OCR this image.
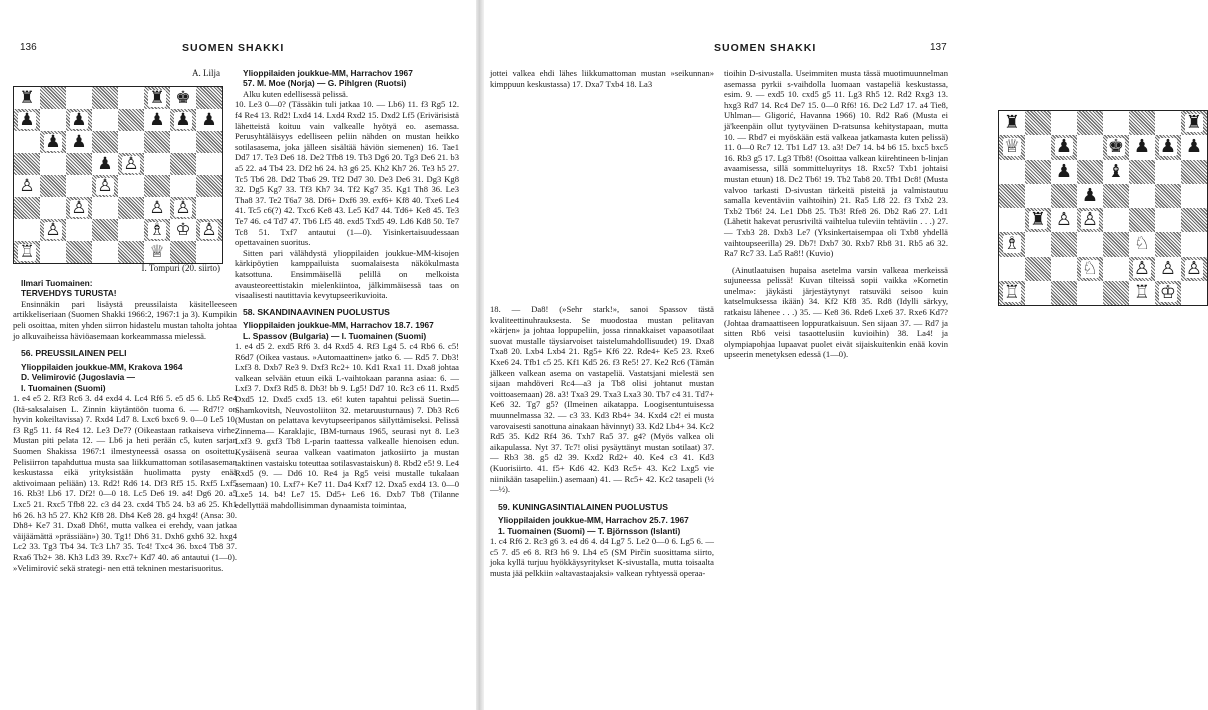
136	SUOMEN SHAKKI
A. Lilja
♜	♜ ♚
♟ ♟	♟ ♟ ♟
♟ ♟
♟ ♙
♙	♙
♙	♙ ♙
♙	♗ ♔ ♙
♖	♕
I. Tompuri (20. siirto)

Ilmari Tuomainen:

TERVEHDYS TURUSTA!

Ensinnäkin pari lisäystä preussilaista käsitelleeseen artikkeliseriaan (Suomen Shakki 1966:2, 1967:1 ja 3). Kumpikin peli osoittaa, miten yhden siirron hidastelu mustan taholta johtaa jo alkuvaiheissa häviöasemaan korkeammassa mielessä.

56. PREUSSILAINEN PELI

Ylioppilaiden joukkue-MM, Krakova 1964

D. Velimirović (Jugoslavia —

I. Tuomainen (Suomi)

1. e4 e5 2. Rf3 Rc6 3. d4 exd4 4. Lc4 Rf6 5. e5 d5 6. Lb5 Re4 (Itä-saksalaisen L. Zinnin käytäntöön tuoma 6. — Rd7!? on hyvin kokeiltavissa) 7. Rxd4 Ld7 8. Lxc6 bxc6 9. 0—0 Le5 10. f3 Rg5 11. f4 Re4 12. Le3 De7? (Oikeastaan ratkaiseva virhe. Mustan piti pelata 12. — Lb6 ja heti perään c5, kuten sarjan Suomen Shakissa 1967:1 ilmestyneessä osassa on osoitettu. Pelisiirron tapahduttua musta saa liikkumattoman sotilasaseman keskustassa eikä yrityksistään huolimatta pysty enää aktivoimaan peliään) 13. Rd2! Rd6 14. Df3 Rf5 15. Rxf5 Lxf5 16. Rb3! Lb6 17. Df2! 0—0 18. Lc5 De6 19. a4! Dg6 20. a5 Lxc5 21. Rxc5 Tfb8 22. c3 d4 23. cxd4 Tb5 24. b3 a6 25. Kh1 h6 26. h3 h5 27. Kh2 Kf8 28. Dh4 Ke8 28. g4 hxg4! (Ansa: 30. Dh8+ Ke7 31. Dxa8 Dh6!, mutta valkea ei erehdy, vaan jatkaa väijäämättä »prässiään») 30. Tg1! Dh6 31. Dxh6 gxh6 32. hxg4 Lc2 33. Tg3 Tb4 34. Tc3 Lh7 35. Tc4! Txc4 36. bxc4 Tb8 37. Rxa6 Tb2+ 38. Kh3 Ld3 39. Rxc7+ Kd7 40. a6 antautui (1—0). »Velimirović sekä strategi- nen että tekninen mestarisuoritus.

Ylioppilaiden joukkue-MM, Harrachov 1967

57. M. Moe (Norja) — G. Pihlgren (Ruotsi)

Alku kuten edellisessä pelissä.

10. Le3 0—0? (Tässäkin tuli jatkaa 10. — Lb6) 11. f3 Rg5 12. f4 Re4 13. Rd2! Lxd4 14. Lxd4 Rxd2 15. Dxd2 Lf5 (Erivärisistä lähetteistä koituu vain valkealle hyötyä eo. asemassa. Perusyhtäläisyys edelliseen peliin nähden on mustan heikko sotilasasema, joka jälleen sisältää häviön siemenen) 16. Tae1 Dd7 17. Te3 De6 18. De2 Tfb8 19. Tb3 Dg6 20. Tg3 De6 21. b3 a5 22. a4 Tb4 23. Df2 h6 24. h3 g6 25. Kh2 Kh7 26. Te3 h5 27. Tc5 Tb6 28. Dd2 Tba6 29. Tf2 Dd7 30. De3 De6 31. Dg3 Kg8 32. Dg5 Kg7 33. Tf3 Kh7 34. Tf2 Kg7 35. Kg1 Th8 36. Le3 Tha8 37. Te2 T6a7 38. Df6+ Dxf6 39. exf6+ Kf8 40. Txe6 Le4 41. Tc5 c6(?) 42. Txc6 Ke8 43. Le5 Kd7 44. Td6+ Ke8 45. Te3 Te7 46. c4 Td7 47. Tb6 Lf5 48. exd5 Txd5 49. Ld6 Kd8 50. Te7 Tc8 51. Txf7 antautui (1—0). Yisinkertaisuudessaan opettavainen suoritus.

Sitten pari välähdystä ylioppilaiden joukkue-MM-kisojen kärkipöytien kamppailuista suomalaisesta näkökulmasta katsottuna. Ensimmäisellä pelillä on melkoista avausteoreettistakin mielenkiintoa, jälkimmäisessä taas on visaalisesti nautittavia kevytupseerikuvioita.

58. SKANDINAAVINEN PUOLUSTUS

Ylioppilaiden joukkue-MM, Harrachov 18.7. 1967

L. Spassov (Bulgaria) — I. Tuomainen (Suomi)

1. e4 d5 2. exd5 Rf6 3. d4 Rxd5 4. Rf3 Lg4 5. c4 Rb6 6. c5! R6d7 (Oikea vastaus. »Automaattinen» jatko 6. — Rd5 7. Db3! Lxf3 8. Dxb7 Re3 9. Dxf3 Rc2+ 10. Kd1 Rxa1 11. Dxa8 johtaa valkean selvään etuun eikä L-vaihtokaan paranna asiaa: 6. — Lxf3 7. Dxf3 Rd5 8. Db3! bb 9. Lg5! Dd7 10. Rc3 c6 11. Rxd5 Dxd5 12. Dxd5 cxd5 13. e6! kuten tapahtui pelissä Suetin—Shamkovitsh, Neuvostoliiton 32. metaruusturnaus) 7. Db3 Rc6 (Mustan on pelattava kevytupseeripanos säilyttämiseksi. Pelissä Zinnema— Karaklajic, IBM-turnaus 1965, seurasi nyt 8. Le3 Lxf3 9. gxf3 Tb8 L-parin taattessa valkealle hienoisen edun. Kysäisenä seuraa valkean vaatimaton jatkosiirto ja mustan taktinen vastaisku toteuttaa sotilasvastaiskun) 8. Rbd2 e5! 9. Le4 Rxd5 (9. — Dd6 10. Re4 ja Rg5 veisi mustalle tukalaan asemaan) 10. Lxf7+ Ke7 11. Da4 Kxf7 12. Dxa5 exd4 13. 0—0 Lxe5 14. b4! Le7 15. Dd5+ Le6 16. Dxb7 Tb8 (Tilanne edellyttää mahdollisimman dynaamista toimintaa,

SUOMEN SHAKKI	137

jottei valkea ehdi lähes liikkumattoman mustan »seikunnan» kimppuun keskustassa) 17. Dxa7 Txb4 18. La3

♜	♜
♕ ♟ ♚ ♟ ♟ ♟
♟ ♝
♟
♜ ♙ ♙
♗	♘
♘ ♙ ♙ ♙
♖	♖ ♔

18. — Da8! (»Sehr stark!», sanoi Spassov tästä kvaliteettinuhrauksesta. Se muodostaa mustan pelitavan »kärjen» ja johtaa loppupeliin, jossa rinnakkaiset vapaasotilaat suovat mustalle täysiarvoiset taistelumahdollisuudet) 19. Dxa8 Txa8 20. Lxb4 Lxb4 21. Rg5+ Kf6 22. Rde4+ Ke5 23. Rxe6 Kxe6 24. Tfb1 c5 25. Kf1 Kd5 26. f3 Re5! 27. Ke2 Rc6 (Tämän jälkeen valkean asema on vastapeliä. Vastatsjani mielestä sen sijaan mahdöveri Rc4—a3 ja Tb8 olisi johtanut mustan voittoasemaan) 28. a3! Txa3 29. Txa3 Lxa3 30. Tb7 c4 31. Td7+ Ke6 32. Tg7 g5? (Ilmeinen aikatappa. Loogisentuntuisessa muunnelmassa 32. — c3 33. Kd3 Rb4+ 34. Kxd4 c2! ei musta varovaisesti sanottuna ainakaan hävinnyt) 33. Kd2 Lb4+ 34. Kc2 Rd5 35. Kd2 Rf4 36. Txh7 Ra5 37. g4? (Myös valkea oli aikapulassa. Nyt 37. Tc7! olisi pysäyttänyt mustan sotilaat) 37. — Rb3 38. g5 d2 39. Kxd2 Rd2+ 40. Ke4 c3 41. Kd3 (Kuorisiirto. 41. f5+ Kd6 42. Kd3 Rc5+ 43. Kc2 Lxg5 vie niinikään tasapeliin.) asemaan) 41. — Rc5+ 42. Kc2 tasapeli (½—½).

59. KUNINGASINTIALAINEN PUOLUSTUS

Ylioppilaiden joukkue-MM, Harrachov 25.7. 1967

1. Tuomainen (Suomi) — T. Björnsson (Islanti)

1. c4 Rf6 2. Rc3 g6 3. e4 d6 4. d4 Lg7 5. Le2 0—0 6. Lg5 6. — c5 7. d5 e6 8. Rf3 h6 9. Lh4 e5 (SM Pirčin suosittama siirto, joka kyllä turjuu hyökkäysyritykset K-sivustalla, mutta toisaalta musta jää pelkkiin »altavastaajaksi» valkean ryhtyessä operaa-

tioihin D-sivustalla. Useimmiten musta tässä muotimuunnelman asemassa pyrkii s-vaihdolla luomaan vastapeliä keskustassa, esim. 9. — exd5 10. cxd5 g5 11. Lg3 Rh5 12. Rd2 Rxg3 13. hxg3 Rd7 14. Rc4 De7 15. 0—0 Rf6! 16. Dc2 Ld7 17. a4 Tie8, Uhlman— Gligorić, Havanna 1966) 10. Rd2 Ra6 (Musta ei jä'keenpäin ollut tyytyväinen D-ratsunsa kehitystapaan, mutta 10. — Rbd7 ei myöskään estä valkeaa jatkamasta kuten pelissä) 11. 0—0 Rc7 12. Tb1 Ld7 13. a3! De7 14. b4 b6 15. bxc5 bxc5 16. Rb3 g5 17. Lg3 Tfb8! (Osoittaa valkean kiirehtineen b-linjan avaamisessa, sillä sommitteluyritys 18. Rxc5? Txb1 johtaisi mustan etuun) 18. Dc2 Tb6! 19. Tb2 Tab8 20. Tfb1 Dc8! (Musta valvoo tarkasti D-sivustan tärkeitä pisteitä ja valmistautuu samalla keventäviin vaihtoihin) 21. Ra5 Lf8 22. f3 Txb2 23. Txb2 Tb6! 24. Le1 Db8 25. Tb3! Rfe8 26. Db2 Ra6 27. Ld1 (Lähetit hakevat perusriviltä vaihtelua tuleviin tehtäviin . . .) 27. — Txb3 28. Dxb3 Le7 (Yksinkertaisempaa oli Txb8 yhdellä vaihtoupseerilla) 29. Db7! Dxb7 30. Rxb7 Rb8 31. Rb5 a6 32. Ra7 Rc7 33. La5 Ra8!! (Kuvio)

(Ainutlaatuisen hupaisa asetelma varsin valkeaa merkeissä sujuneessa pelissä! Kuvan tilteissä sopii vaikka »Kornetin unelma»: jäykästi järjestäytynyt ratsuväki seisoo kuin katselmuksessa ikään) 34. Kf2 Kf8 35. Rd8 (Idylli särkyy, ratkaisu lähenee . . .) 35. — Ke8 36. Rde6 Lxe6 37. Rxe6 Kd7? (Johtaa dramaattiseen loppuratkaisuun. Sen sijaan 37. — Rd7 ja sitten Rb6 veisi tasaottelusiin kuvioihin) 38. La4! ja olympiapohjaa lupaavat puolet eivät sijaiskuitenkin enää kovin upseerin menetyksen edessä (1—0).
